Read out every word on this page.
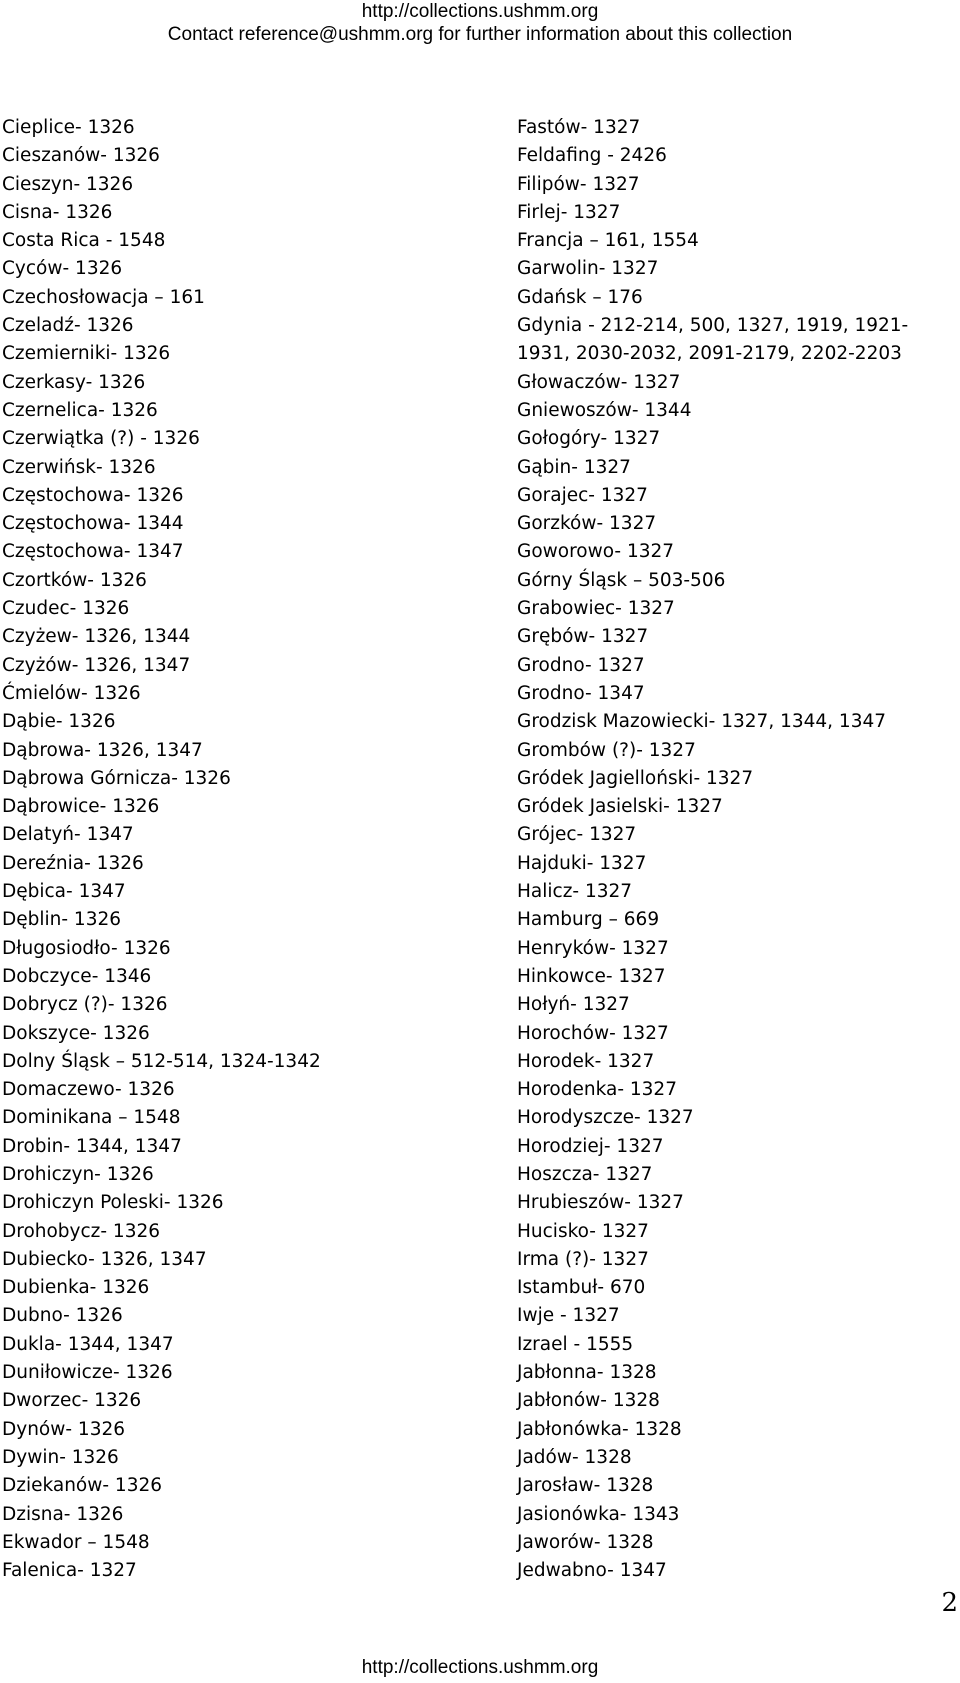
http://collections.ushmm.org
Contact reference@ushmm.org for further information about this collection
Cieplice- 1326
Cieszanów- 1326
Cieszyn- 1326
Cisna- 1326
Costa Rica - 1548
Cyców- 1326
Czechosłowacja – 161
Czeladź- 1326
Czemierniki- 1326
Czerkasy- 1326
Czernelica- 1326
Czerwiątka (?) - 1326
Czerwińsk- 1326
Częstochowa- 1326
Częstochowa- 1344
Częstochowa- 1347
Czortków- 1326
Czudec- 1326
Czyżew- 1326, 1344
Czyżów- 1326, 1347
Ćmielów- 1326
Dąbie- 1326
Dąbrowa- 1326, 1347
Dąbrowa Górnicza- 1326
Dąbrowice- 1326
Delatyń- 1347
Dereźnia- 1326
Dębica- 1347
Dęblin- 1326
Długosiodło- 1326
Dobczyce- 1346
Dobrycz (?)- 1326
Dokszyce- 1326
Dolny Śląsk – 512-514, 1324-1342
Domaczewo- 1326
Dominikana – 1548
Drobin- 1344, 1347
Drohiczyn- 1326
Drohiczyn Poleski- 1326
Drohobycz- 1326
Dubiecko- 1326, 1347
Dubienka- 1326
Dubno- 1326
Dukla- 1344, 1347
Duniłowicze- 1326
Dworzec- 1326
Dynów- 1326
Dywin- 1326
Dziekanów- 1326
Dzisna- 1326
Ekwador – 1548
Falenica- 1327
Fastów- 1327
Feldafing - 2426
Filipów- 1327
Firlej- 1327
Francja – 161, 1554
Garwolin- 1327
Gdańsk – 176
Gdynia - 212-214, 500, 1327, 1919, 1921-
1931, 2030-2032, 2091-2179, 2202-2203
Głowaczów- 1327
Gniewoszów- 1344
Gołogóry- 1327
Gąbin- 1327
Gorajec- 1327
Gorzków- 1327
Goworowo- 1327
Górny Śląsk – 503-506
Grabowiec- 1327
Grębów- 1327
Grodno- 1327
Grodno- 1347
Grodzisk Mazowiecki- 1327, 1344, 1347
Grombów (?)- 1327
Gródek Jagielloński- 1327
Gródek Jasielski- 1327
Grójec- 1327
Hajduki- 1327
Halicz- 1327
Hamburg – 669
Henryków- 1327
Hinkowce- 1327
Hołyń- 1327
Horochów- 1327
Horodek- 1327
Horodenka- 1327
Horodyszcze- 1327
Horodziej- 1327
Hoszcza- 1327
Hrubieszów- 1327
Hucisko- 1327
Irma (?)- 1327
Istambuł- 670
Iwje - 1327
Izrael - 1555
Jabłonna- 1328
Jabłonów- 1328
Jabłonówka- 1328
Jadów- 1328
Jarosław- 1328
Jasionówka- 1343
Jaworów- 1328
Jedwabno- 1347
2
http://collections.ushmm.org
